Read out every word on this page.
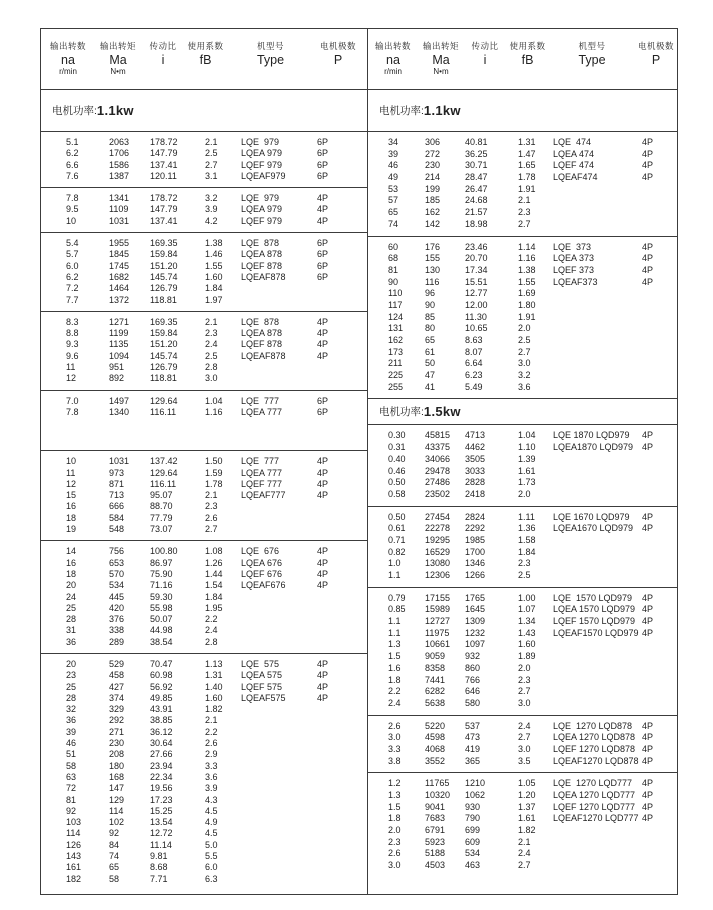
输出转数
na
r/min
输出转矩
Ma
N•m
传动比
i
使用系数
fB
机型号
Type
电机极数
P
电机功率: 1.1kw
5.1	2063	178.72	2.1	LQE  979	6P
6.2	1706	147.79	2.5	LQEA 979	6P
6.6	1586	137.41	2.7	LQEF 979	6P
7.6	1387	120.11	3.1	LQEAF979	6P
7.8	1341	178.72	3.2	LQE  979	4P
9.5	1109	147.79	3.9	LQEA 979	4P
10	1031	137.41	4.2	LQEF 979	4P
5.4	1955	169.35	1.38	LQE  878	6P
5.7	1845	159.84	1.46	LQEA 878	6P
6.0	1745	151.20	1.55	LQEF 878	6P
6.2	1682	145.74	1.60	LQEAF878	6P
7.2	1464	126.79	1.84
7.7	1372	118.81	1.97
8.3	1271	169.35	2.1	LQE  878	4P
8.8	1199	159.84	2.3	LQEA 878	4P
9.3	1135	151.20	2.4	LQEF 878	4P
9.6	1094	145.74	2.5	LQEAF878	4P
11	951	126.79	2.8
12	892	118.81	3.0
7.0	1497	129.64	1.04	LQE  777	6P
7.8	1340	116.11	1.16	LQEA 777	6P
10	1031	137.42	1.50	LQE  777	4P
11	973	129.64	1.59	LQEA 777	4P
12	871	116.11	1.78	LQEF 777	4P
15	713	95.07	2.1	LQEAF777	4P
16	666	88.70	2.3
18	584	77.79	2.6
19	548	73.07	2.7
14	756	100.80	1.08	LQE  676	4P
16	653	86.97	1.26	LQEA 676	4P
18	570	75.90	1.44	LQEF 676	4P
20	534	71.16	1.54	LQEAF676	4P
24	445	59.30	1.84
25	420	55.98	1.95
28	376	50.07	2.2
31	338	44.98	2.4
36	289	38.54	2.8
20	529	70.47	1.13	LQE  575	4P
23	458	60.98	1.31	LQEA 575	4P
25	427	56.92	1.40	LQEF 575	4P
28	374	49.85	1.60	LQEAF575	4P
32	329	43.91	1.82
36	292	38.85	2.1
39	271	36.12	2.2
46	230	30.64	2.6
51	208	27.66	2.9
58	180	23.94	3.3
63	168	22.34	3.6
72	147	19.56	3.9
81	129	17.23	4.3
92	114	15.25	4.5
103	102	13.54	4.9
114	92	12.72	4.5
126	84	11.14	5.0
143	74	9.81	5.5
161	65	8.68	6.0
182	58	7.71	6.3
输出转数
na
r/min
输出转矩
Ma
N•m
传动比
i
使用系数
fB
机型号
Type
电机极数
P
电机功率: 1.1kw
34	306	40.81	1.31	LQE  474	4P
39	272	36.25	1.47	LQEA 474	4P
46	230	30.71	1.65	LQEF 474	4P
49	214	28.47	1.78	LQEAF474	4P
53	199	26.47	1.91
57	185	24.68	2.1
65	162	21.57	2.3
74	142	18.98	2.7
60	176	23.46	1.14	LQE  373	4P
68	155	20.70	1.16	LQEA 373	4P
81	130	17.34	1.38	LQEF 373	4P
90	116	15.51	1.55	LQEAF373	4P
110	96	12.77	1.69
117	90	12.00	1.80
124	85	11.30	1.91
131	80	10.65	2.0
162	65	8.63	2.5
173	61	8.07	2.7
211	50	6.64	3.0
225	47	6.23	3.2
255	41	5.49	3.6
电机功率: 1.5kw
0.30	45815	4713	1.04	LQE 1870 LQD979	4P
0.31	43375	4462	1.10	LQEA1870 LQD979 4P
0.40	34066	3505	1.39
0.46	29478	3033	1.61
0.50	27486	2828	1.73
0.58	23502	2418	2.0
0.50	27454	2824	1.11	LQE 1670 LQD979	4P
0.61	22278	2292	1.36	LQEA1670 LQD979 4P
0.71	19295	1985	1.58
0.82	16529	1700	1.84
1.0	13080	1346	2.3
1.1	12306	1266	2.5
0.79	17155	1765	1.00	LQE  1570 LQD979	4P
0.85	15989	1645	1.07	LQEA 1570 LQD979 4P
1.1	12727	1309	1.34	LQEF 1570 LQD979 4P
1.1	11975	1232	1.43	LQEAF1570 LQD979 4P
1.3	10661	1097	1.60
1.5	9059	932	1.89
1.6	8358	860	2.0
1.8	7441	766	2.3
2.2	6282	646	2.7
2.4	5638	580	3.0
2.6	5220	537	2.4	LQE  1270 LQD878	4P
3.0	4598	473	2.7	LQEA 1270 LQD878 4P
3.3	4068	419	3.0	LQEF 1270 LQD878 4P
3.8	3552	365	3.5	LQEAF1270 LQD878 4P
1.2	11765	1210	1.05	LQE  1270 LQD777	4P
1.3	10320	1062	1.20	LQEA 1270 LQD777 4P
1.5	9041	930	1.37	LQEF 1270 LQD777 4P
1.8	7683	790	1.61	LQEAF1270 LQD777 4P
2.0	6791	699	1.82
2.3	5923	609	2.1
2.6	5188	534	2.4
3.0	4503	463	2.7
